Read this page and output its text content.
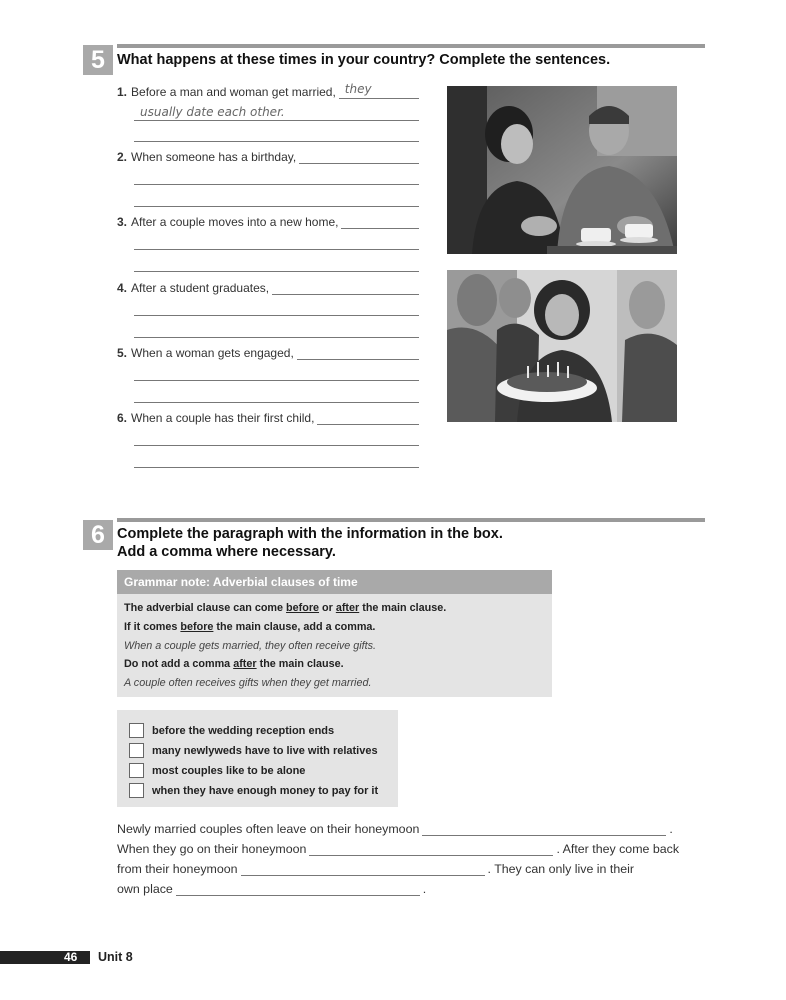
5 What happens at these times in your country? Complete the sentences.
1. Before a man and woman get married, they
usually date each other.
2. When someone has a birthday,
3. After a couple moves into a new home,
4. After a student graduates,
5. When a woman gets engaged,
6. When a couple has their first child,
6 Complete the paragraph with the information in the box.
Add a comma where necessary.
Grammar note: Adverbial clauses of time
The adverbial clause can come before or after the main clause.
If it comes before the main clause, add a comma.
When a couple gets married, they often receive gifts.
Do not add a comma after the main clause.
A couple often receives gifts when they get married.
before the wedding reception ends
many newlyweds have to live with relatives
most couples like to be alone
when they have enough money to pay for it
Newly married couples often leave on their honeymoon	.
When they go on their honeymoon	. After they come back
from their honeymoon	. They can only live in their
own place	.
46 Unit 8
